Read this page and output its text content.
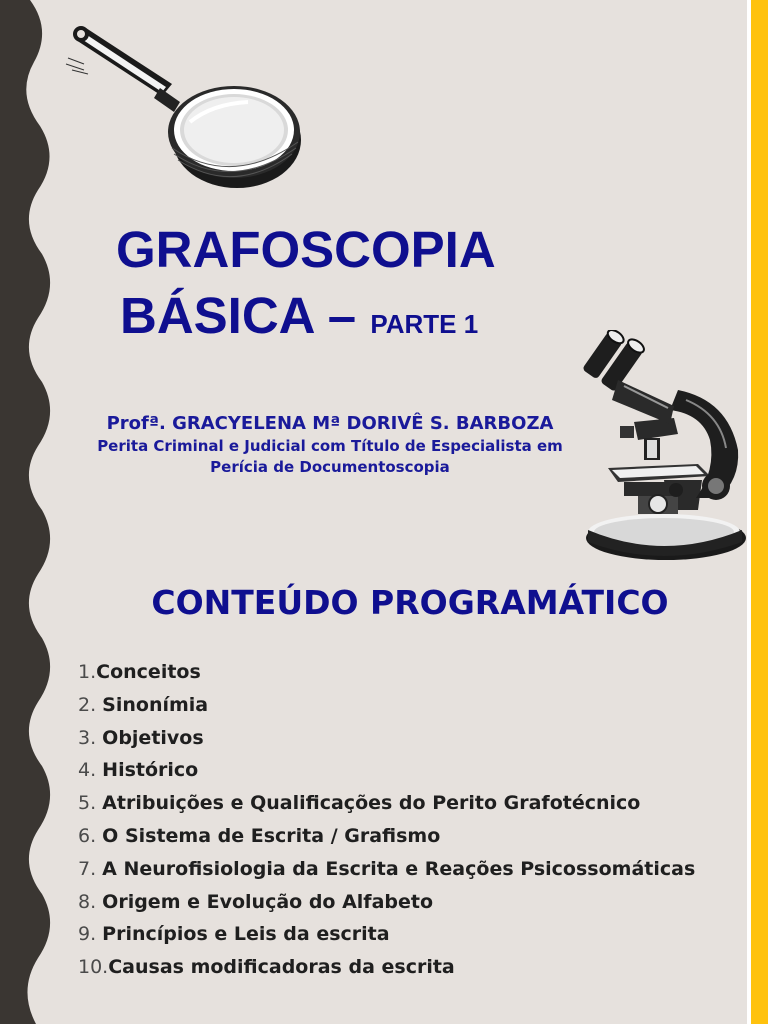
GRAFOSCOPIA
BÁSICA – PARTE 1

Profª. GRACYELENA Mª DORIVÊ S. BARBOZA

Perita Criminal e Judicial com Título de Especialista em
Perícia de Documentoscopia

CONTEÚDO PROGRAMÁTICO
1.Conceitos
2. Sinonímia
3. Objetivos
4. Histórico
5. Atribuições e Qualificações do Perito Grafotécnico
6. O Sistema de Escrita / Grafismo
7. A Neurofisiologia da Escrita e Reações Psicossomáticas
8. Origem e Evolução do Alfabeto
9. Princípios e Leis da escrita
10.Causas modificadoras da escrita
